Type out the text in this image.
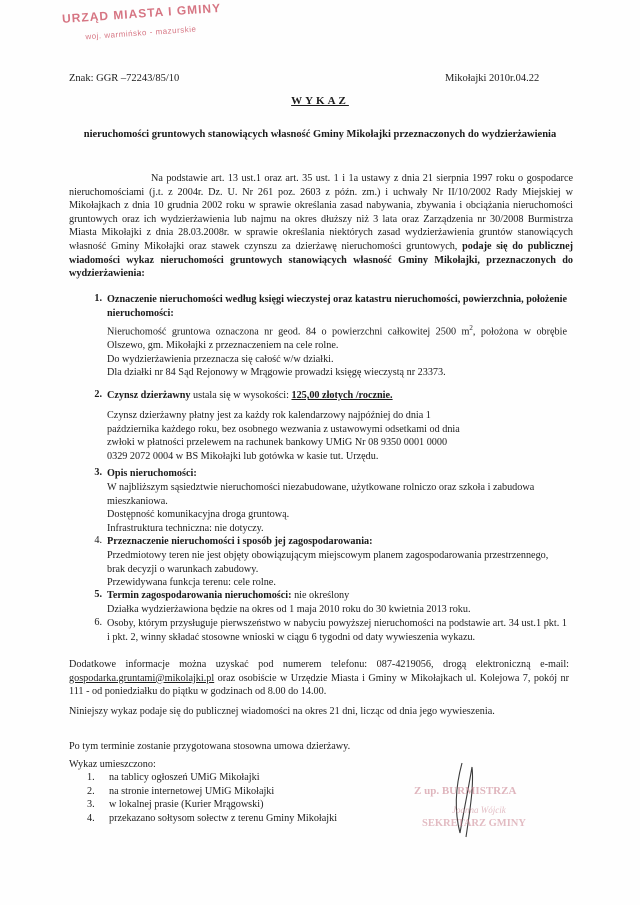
URZĄD MIASTA I GMINY
woj. warmińsko - mazurskie
Znak: GGR –72243/85/10	Mikołajki 2010r.04.22
WYKAZ
nieruchomości gruntowych stanowiących własność Gminy Mikołajki przeznaczonych do wydzierżawienia
Na podstawie art. 13 ust.1 oraz art. 35 ust. 1 i 1a ustawy z dnia 21 sierpnia 1997 roku o gospodarce nieruchomościami (j.t. z 2004r. Dz. U. Nr 261 poz. 2603 z późn. zm.) i uchwały Nr II/10/2002 Rady Miejskiej w Mikołajkach z dnia 10 grudnia 2002 roku w sprawie określania zasad nabywania, zbywania i obciążania nieruchomości gruntowych oraz ich wydzierżawienia lub najmu na okres dłuższy niż 3 lata oraz Zarządzenia nr 30/2008 Burmistrza Miasta Mikołajki z dnia 28.03.2008r. w sprawie określania niektórych zasad wydzierżawienia gruntów stanowiących własność Gminy Mikołajki oraz stawek czynszu za dzierżawę nieruchomości gruntowych, podaje się do publicznej wiadomości wykaz nieruchomości gruntowych stanowiących własność Gminy Mikołajki, przeznaczonych do wydzierżawienia:
1. Oznaczenie nieruchomości według księgi wieczystej oraz katastru nieruchomości, powierzchnia, położenie nieruchomości:
Nieruchomość gruntowa oznaczona nr geod. 84 o powierzchni całkowitej 2500 $m^2$, położona w obrębie Olszewo, gm. Mikołajki z przeznaczeniem na cele rolne.
Do wydzierżawienia przeznacza się całość w/w działki.
Dla działki nr 84 Sąd Rejonowy w Mrągowie prowadzi księgę wieczystą nr 23373.
2. Czynsz dzierżawny ustala się w wysokości: 125,00 złotych /rocznie.
Czynsz dzierżawny płatny jest za każdy rok kalendarzowy najpóźniej do dnia 1 października każdego roku, bez osobnego wezwania z ustawowymi odsetkami od dnia zwłoki w płatności przelewem na rachunek bankowy UMiG Nr 08 9350 0001 0000 0329 2072 0004 w BS Mikołajki lub gotówka w kasie tut. Urzędu.
3. Opis nieruchomości:
W najbliższym sąsiedztwie nieruchomości niezabudowane, użytkowane rolniczo oraz szkoła i zabudowa mieszkaniowa.
Dostępność komunikacyjna droga gruntową.
Infrastruktura techniczna: nie dotyczy.
4. Przeznaczenie nieruchomości i sposób jej zagospodarowania:
Przedmiotowy teren nie jest objęty obowiązującym miejscowym planem zagospodarowania przestrzennego, brak decyzji o warunkach zabudowy.
Przewidywana funkcja terenu: cele rolne.
5. Termin zagospodarowania nieruchomości: nie określony
Działka wydzierżawiona będzie na okres od 1 maja 2010 roku do 30 kwietnia 2013 roku.
6. Osoby, którym przysługuje pierwszeństwo w nabyciu powyższej nieruchomości na podstawie art. 34 ust.1 pkt. 1 i pkt. 2, winny składać stosowne wnioski w ciągu 6 tygodni od daty wywieszenia wykazu.
Dodatkowe informacje można uzyskać pod numerem telefonu: 087-4219056, drogą elektroniczną e-mail: gospodarka.gruntami@mikolajki.pl oraz osobiście w Urzędzie Miasta i Gminy w Mikołajkach ul. Kolejowa 7, pokój nr 111 - od poniedziałku do piątku w godzinach od 8.00 do 14.00.
Niniejszy wykaz podaje się do publicznej wiadomości na okres 21 dni, licząc od dnia jego wywieszenia.
Po tym terminie zostanie przygotowana stosowna umowa dzierżawy.
Wykaz umieszczono:
1.	na tablicy ogłoszeń UMiG Mikołajki
2.	na stronie internetowej UMiG Mikołajki
3.	w lokalnej prasie (Kurier Mrągowski)
4.	przekazano sołtysom sołectw z terenu Gminy Mikołajki
Z up. BURMISTRZA
Joanna Wójcik
SEKRETARZ GMINY
